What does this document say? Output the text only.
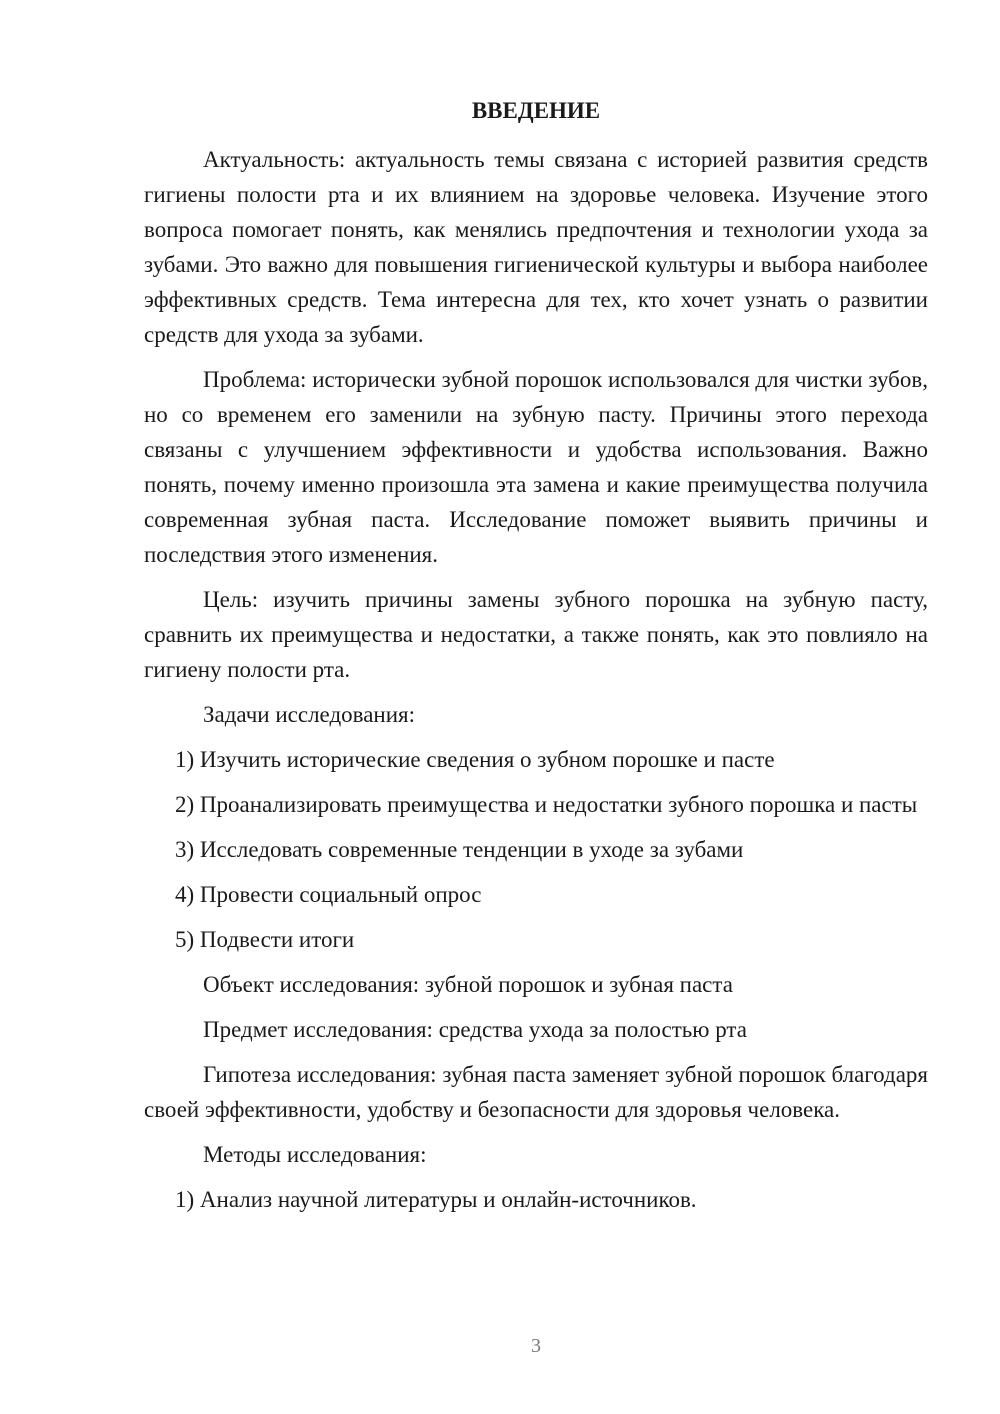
ВВЕДЕНИЕ

Актуальность: актуальность темы связана с историей развития средств гигиены полости рта и их влиянием на здоровье человека. Изучение этого вопроса помогает понять, как менялись предпочтения и технологии ухода за зубами. Это важно для повышения гигиенической культуры и выбора наиболее эффективных средств. Тема интересна для тех, кто хочет узнать о развитии средств для ухода за зубами.

Проблема: исторически зубной порошок использовался для чистки зубов, но со временем его заменили на зубную пасту. Причины этого перехода связаны с улучшением эффективности и удобства использования. Важно понять, почему именно произошла эта замена и какие преимущества получила современная зубная паста. Исследование поможет выявить причины и последствия этого изменения.

Цель: изучить причины замены зубного порошка на зубную пасту, сравнить их преимущества и недостатки, а также понять, как это повлияло на гигиену полости рта.

Задачи исследования:

1) Изучить исторические сведения о зубном порошке и пасте

2) Проанализировать преимущества и недостатки зубного порошка и пасты

3) Исследовать современные тенденции в уходе за зубами

4) Провести социальный опрос

5) Подвести итоги

Объект исследования: зубной порошок и зубная паста

Предмет исследования: средства ухода за полостью рта

Гипотеза исследования: зубная паста заменяет зубной порошок благодаря своей эффективности, удобству и безопасности для здоровья человека.

Методы исследования:

1) Анализ научной литературы и онлайн-источников.

3
